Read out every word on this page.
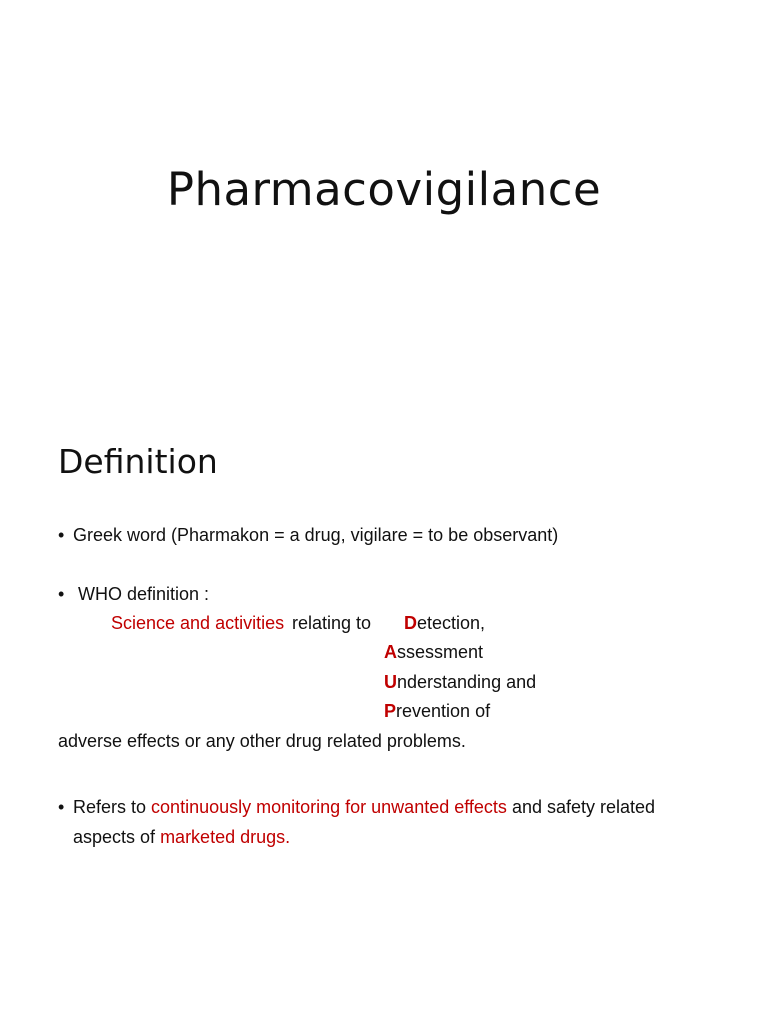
Pharmacovigilance
Definition
• Greek word (Pharmakon = a drug, vigilare = to be observant)
• WHO definition :
Science and activities relating to Detection,
Assessment
Understanding and
Prevention of
adverse effects or any other drug related problems.
• Refers to continuously monitoring for unwanted effects and safety related
aspects of marketed drugs.
